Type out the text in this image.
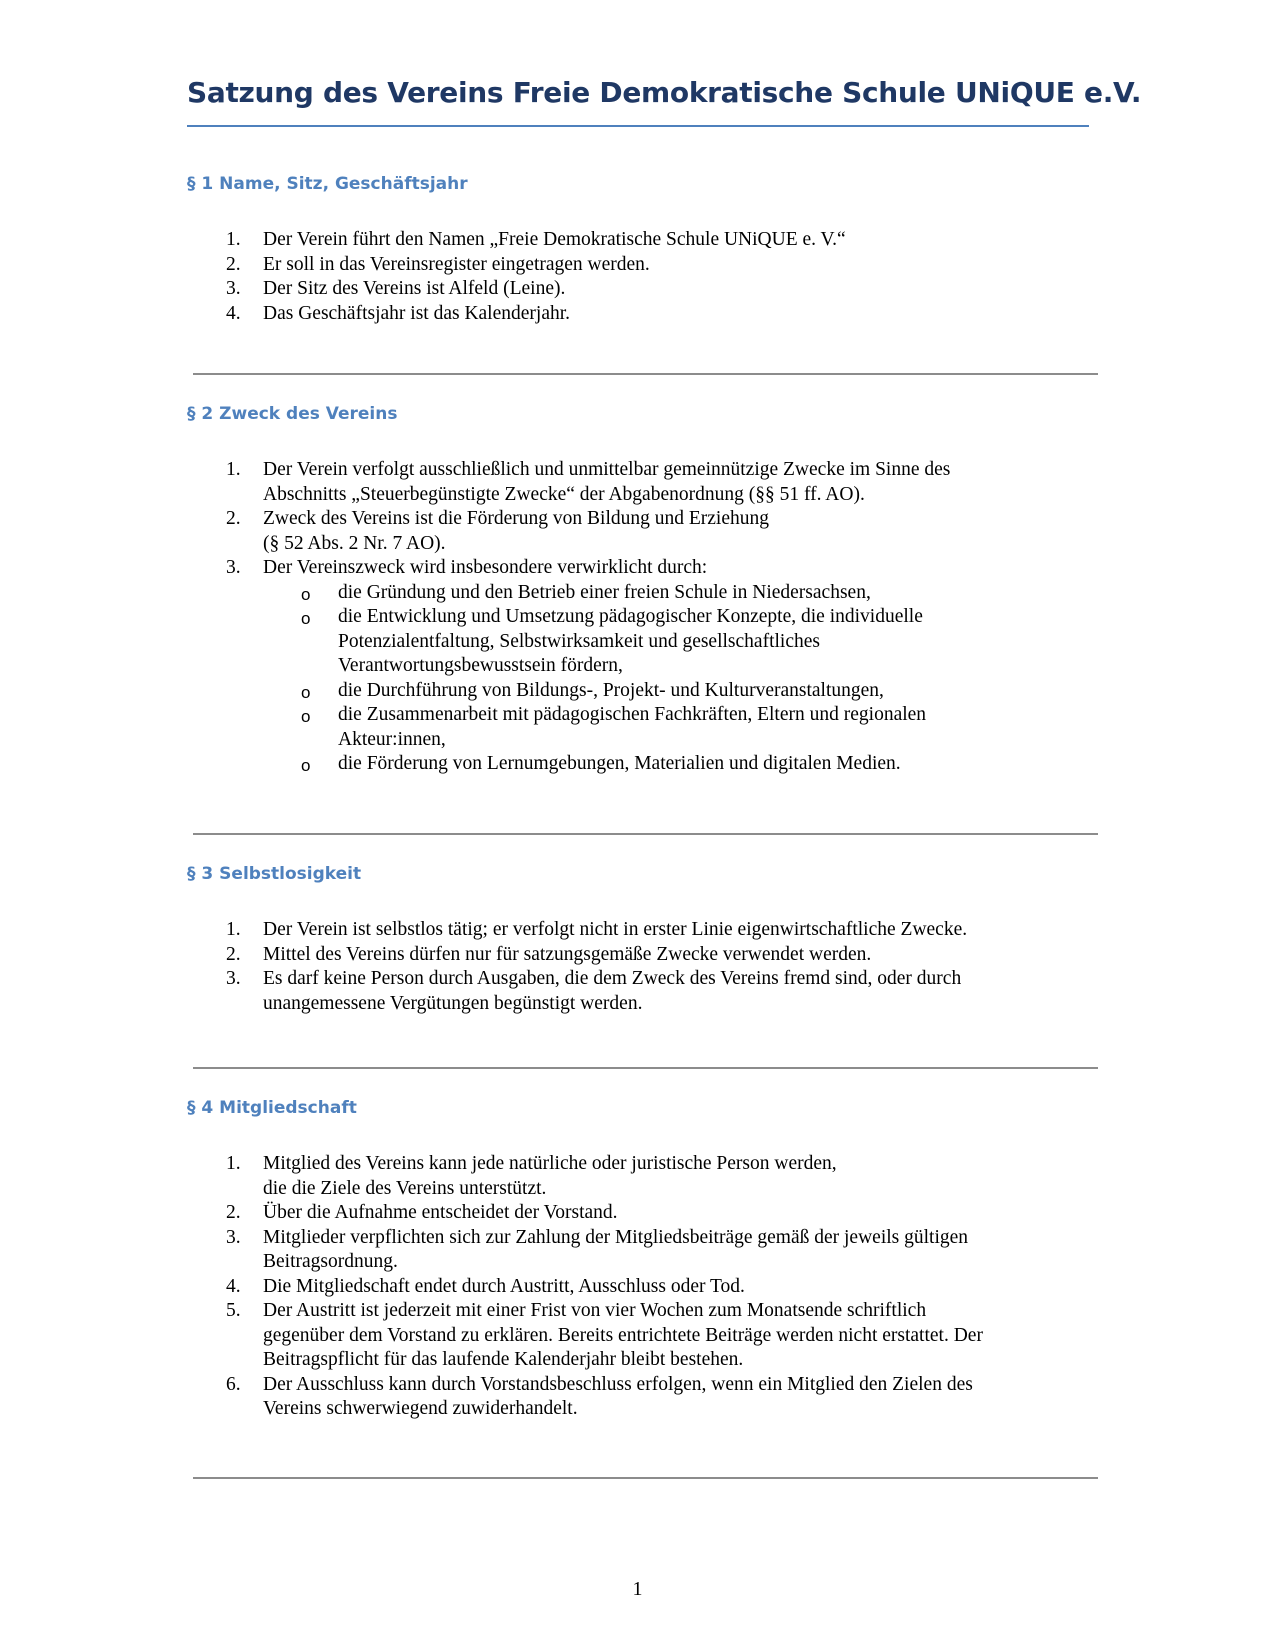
Satzung des Vereins Freie Demokratische Schule UNiQUE e.V.
§ 1 Name, Sitz, Geschäftsjahr
1.	Der Verein führt den Namen „Freie Demokratische Schule UNiQUE e. V.“
2.	Er soll in das Vereinsregister eingetragen werden.
3.	Der Sitz des Vereins ist Alfeld (Leine).
4.	Das Geschäftsjahr ist das Kalenderjahr.
§ 2 Zweck des Vereins
1.	Der Verein verfolgt ausschließlich und unmittelbar gemeinnützige Zwecke im Sinne des
Abschnitts „Steuerbegünstigte Zwecke“ der Abgabenordnung (§§ 51 ff. AO).
2.	Zweck des Vereins ist die Förderung von Bildung und Erziehung
(§ 52 Abs. 2 Nr. 7 AO).
3.	Der Vereinszweck wird insbesondere verwirklicht durch:
o die Gründung und den Betrieb einer freien Schule in Niedersachsen,
o die Entwicklung und Umsetzung pädagogischer Konzepte, die individuelle
Potenzialentfaltung, Selbstwirksamkeit und gesellschaftliches
Verantwortungsbewusstsein fördern,
o die Durchführung von Bildungs-, Projekt- und Kulturveranstaltungen,
o die Zusammenarbeit mit pädagogischen Fachkräften, Eltern und regionalen
Akteur:innen,
o die Förderung von Lernumgebungen, Materialien und digitalen Medien.
§ 3 Selbstlosigkeit
1.	Der Verein ist selbstlos tätig; er verfolgt nicht in erster Linie eigenwirtschaftliche Zwecke.
2.	Mittel des Vereins dürfen nur für satzungsgemäße Zwecke verwendet werden.
3.	Es darf keine Person durch Ausgaben, die dem Zweck des Vereins fremd sind, oder durch
unangemessene Vergütungen begünstigt werden.
§ 4 Mitgliedschaft
1.	Mitglied des Vereins kann jede natürliche oder juristische Person werden,
die die Ziele des Vereins unterstützt.
2.	Über die Aufnahme entscheidet der Vorstand.
3.	Mitglieder verpflichten sich zur Zahlung der Mitgliedsbeiträge gemäß der jeweils gültigen
Beitragsordnung.
4.	Die Mitgliedschaft endet durch Austritt, Ausschluss oder Tod.
5.	Der Austritt ist jederzeit mit einer Frist von vier Wochen zum Monatsende schriftlich
gegenüber dem Vorstand zu erklären. Bereits entrichtete Beiträge werden nicht erstattet. Der
Beitragspflicht für das laufende Kalenderjahr bleibt bestehen.
6.	Der Ausschluss kann durch Vorstandsbeschluss erfolgen, wenn ein Mitglied den Zielen des
Vereins schwerwiegend zuwiderhandelt.
1
